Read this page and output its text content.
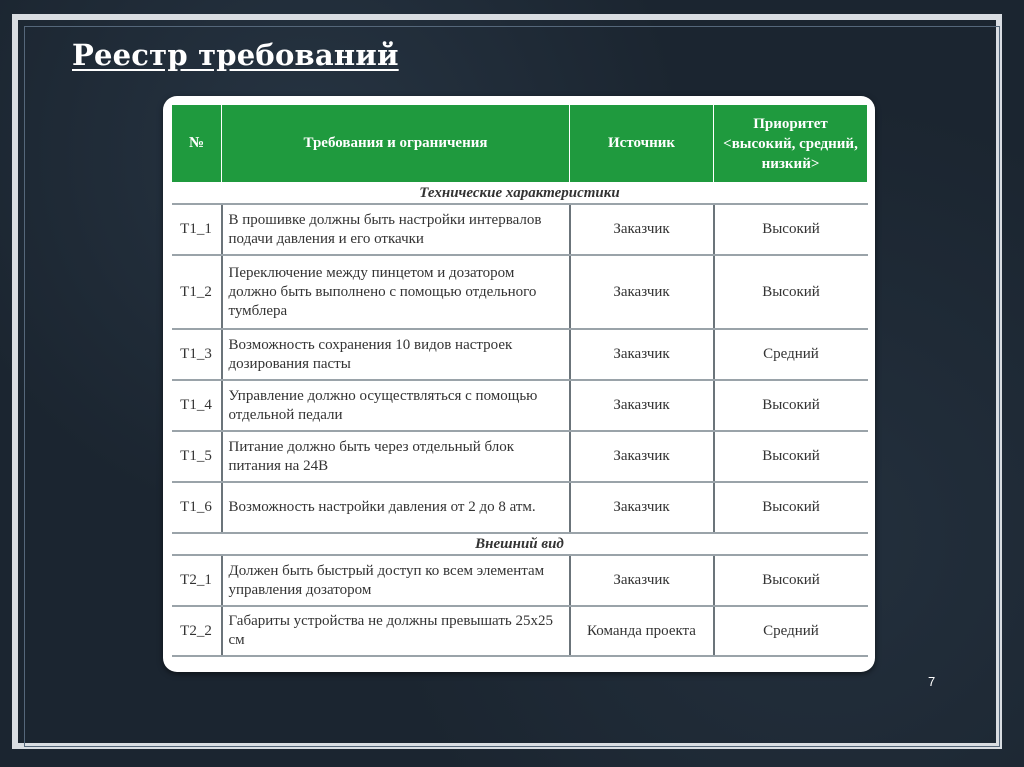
Реестр требований
№	Требования и ограничения	Источник	Приоритет <высокий, средний, низкий>
Технические характеристики			
T1_1	В прошивке должны быть настройки интервалов подачи давления и его откачки	Заказчик	Высокий
T1_2	Переключение между пинцетом и дозатором должно быть выполнено с помощью отдельного тумблера	Заказчик	Высокий
T1_3	Возможность сохранения 10 видов настроек дозирования пасты	Заказчик	Средний
T1_4	Управление должно осуществляться с помощью отдельной педали	Заказчик	Высокий
T1_5	Питание должно быть через отдельный блок питания на 24В	Заказчик	Высокий
T1_6	Возможность настройки давления от 2 до 8 атм.	Заказчик	Высокий
Внешний вид			
T2_1	Должен быть быстрый доступ ко всем элементам управления дозатором	Заказчик	Высокий
T2_2	Габариты устройства не должны превышать 25х25 см	Команда проекта	Средний
7
